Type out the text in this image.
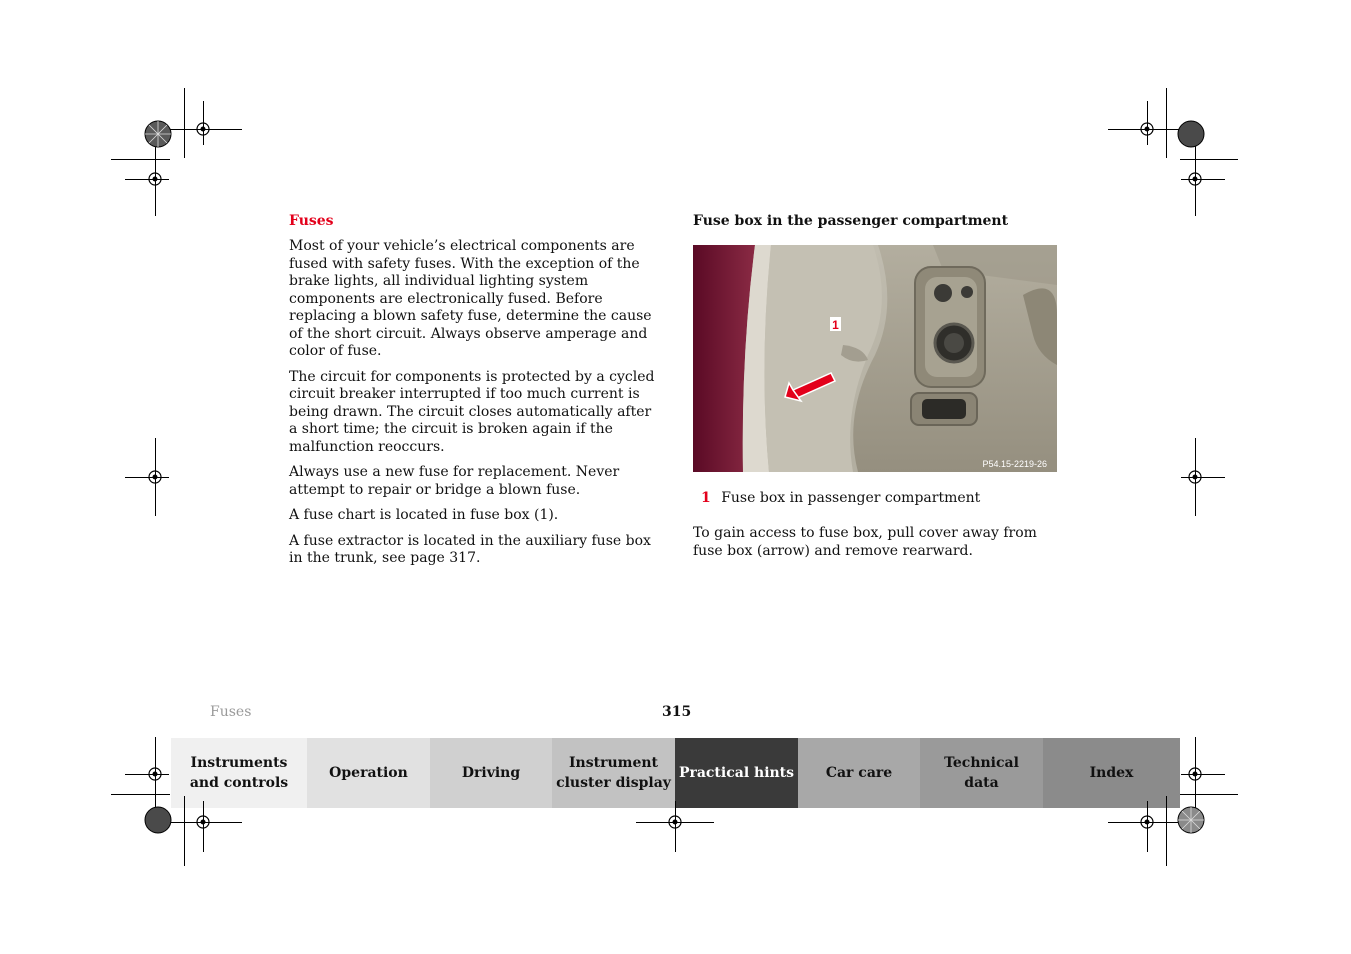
Fuses

Most of your vehicle’s electrical components are fused with safety fuses. With the exception of the brake lights, all individual lighting system components are electronically fused. Before replacing a blown safety fuse, determine the cause of the short circuit. Always observe amperage and color of fuse.

The circuit for components is protected by a cycled circuit breaker interrupted if too much current is being drawn. The circuit closes automatically after a short time; the circuit is broken again if the malfunction reoccurs.

Always use a new fuse for replacement. Never attempt to repair or bridge a blown fuse.

A fuse chart is located in fuse box (1).

A fuse extractor is located in the auxiliary fuse box in the trunk, see page 317.

Fuse box in the passenger compartment
1
P54.15-2219-26
1 Fuse box in passenger compartment

To gain access to fuse box, pull cover away from fuse box (arrow) and remove rearward.

Fuses	315
Instruments
and controls
Operation	Driving
Instrument
cluster display
Practical hints Car care
Technical
data
Index
